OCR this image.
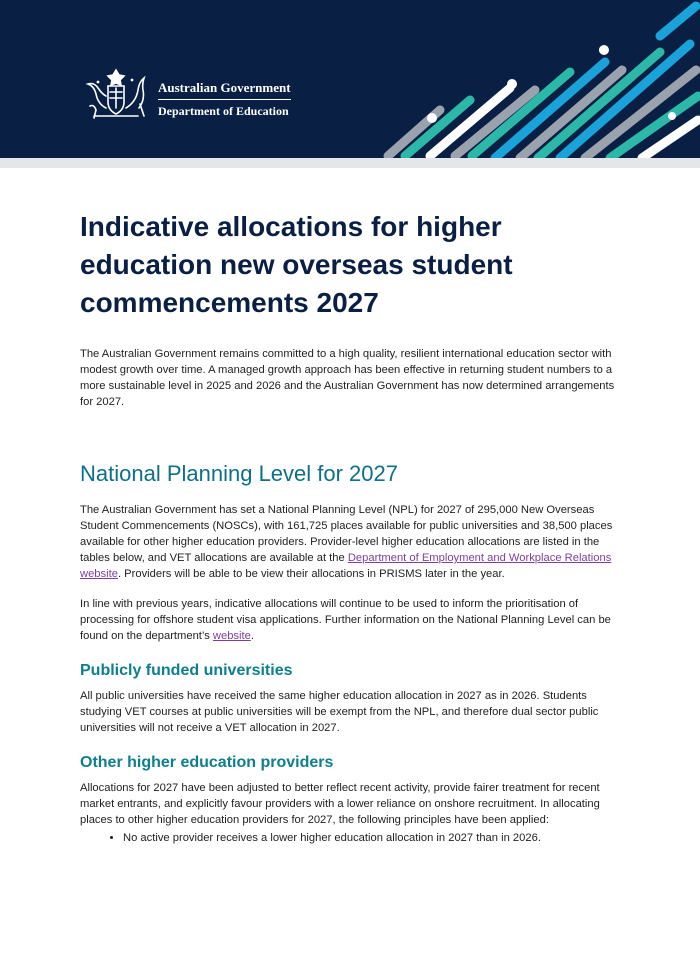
Australian Government
Department of Education
Indicative allocations for higher education new overseas student commencements 2027

The Australian Government remains committed to a high quality, resilient international education sector with modest growth over time. A managed growth approach has been effective in returning student numbers to a more sustainable level in 2025 and 2026 and the Australian Government has now determined arrangements for 2027.

National Planning Level for 2027

The Australian Government has set a National Planning Level (NPL) for 2027 of 295,000 New Overseas Student Commencements (NOSCs), with 161,725 places available for public universities and 38,500 places available for other higher education providers. Provider-level higher education allocations are listed in the tables below, and VET allocations are available at the Department of Employment and Workplace Relations website. Providers will be able to be view their allocations in PRISMS later in the year.

In line with previous years, indicative allocations will continue to be used to inform the prioritisation of processing for offshore student visa applications. Further information on the National Planning Level can be found on the department’s website.

Publicly funded universities

All public universities have received the same higher education allocation in 2027 as in 2026. Students studying VET courses at public universities will be exempt from the NPL, and therefore dual sector public universities will not receive a VET allocation in 2027.

Other higher education providers

Allocations for 2027 have been adjusted to better reflect recent activity, provide fairer treatment for recent market entrants, and explicitly favour providers with a lower reliance on onshore recruitment. In allocating places to other higher education providers for 2027, the following principles have been applied:

• No active provider receives a lower higher education allocation in 2027 than in 2026.
